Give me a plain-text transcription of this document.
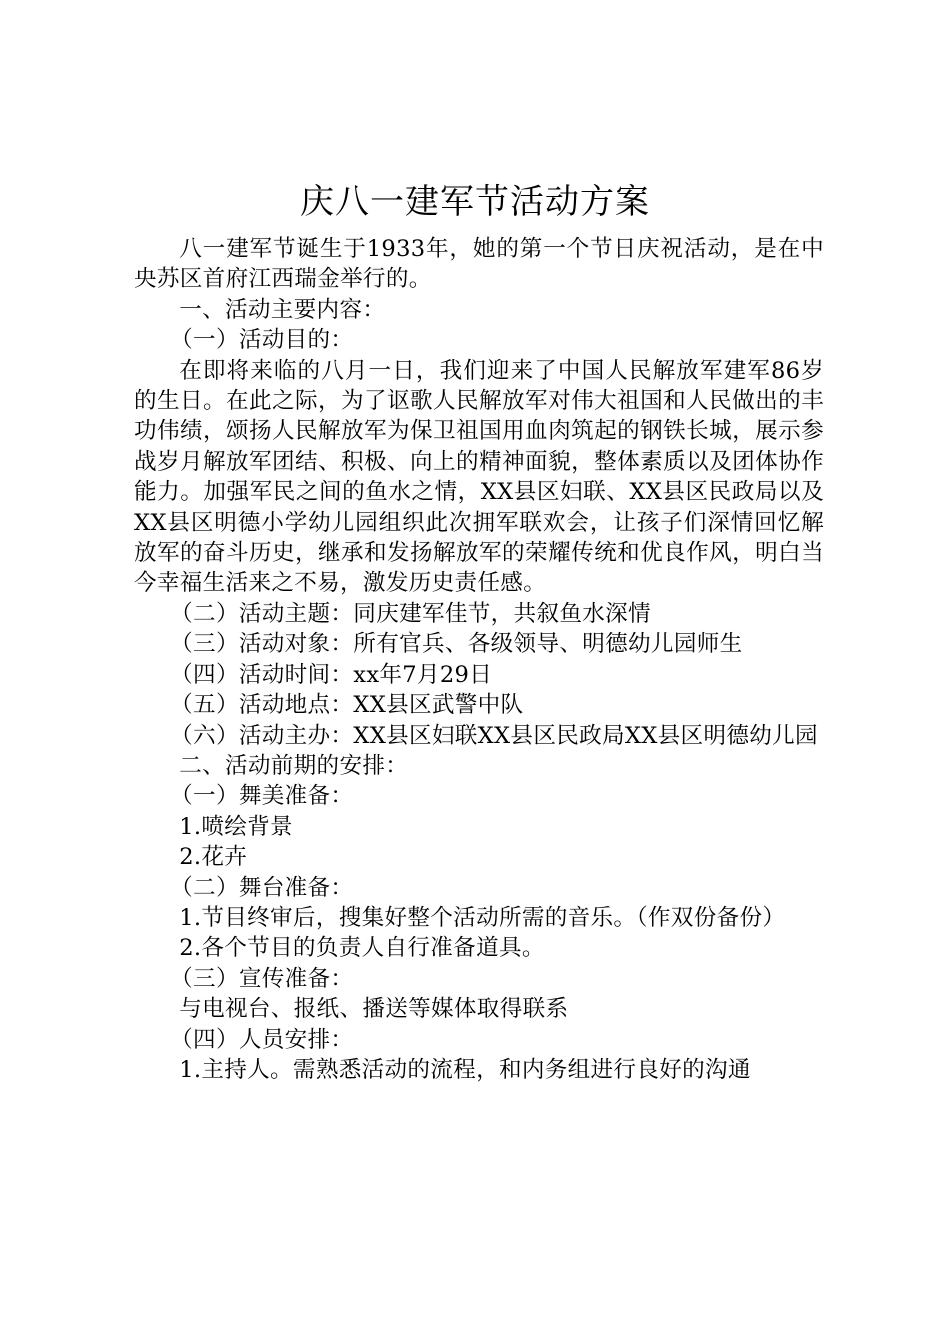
庆八一建军节活动方案

八一建军节诞生于1933年，她的第一个节日庆祝活动，是在中央苏区首府江西瑞金举行的。

一、活动主要内容：

（一）活动目的：

在即将来临的八月一日，我们迎来了中国人民解放军建军86岁的生日。在此之际，为了讴歌人民解放军对伟大祖国和人民做出的丰功伟绩，颂扬人民解放军为保卫祖国用血肉筑起的钢铁长城，展示参战岁月解放军团结、积极、向上的精神面貌，整体素质以及团体协作能力。加强军民之间的鱼水之情，XX县区妇联、XX县区民政局以及XX县区明德小学幼儿园组织此次拥军联欢会，让孩子们深情回忆解放军的奋斗历史，继承和发扬解放军的荣耀传统和优良作风，明白当今幸福生活来之不易，激发历史责任感。

（二）活动主题：同庆建军佳节，共叙鱼水深情

（三）活动对象：所有官兵、各级领导、明德幼儿园师生

（四）活动时间：xx年7月29日

（五）活动地点：XX县区武警中队

（六）活动主办：XX县区妇联XX县区民政局XX县区明德幼儿园

二、活动前期的安排：

（一）舞美准备：

1.喷绘背景

2.花卉

（二）舞台准备：

1.节目终审后，搜集好整个活动所需的音乐。（作双份备份）

2.各个节目的负责人自行准备道具。

（三）宣传准备：

与电视台、报纸、播送等媒体取得联系

（四）人员安排：

1.主持人。需熟悉活动的流程，和内务组进行良好的沟通
